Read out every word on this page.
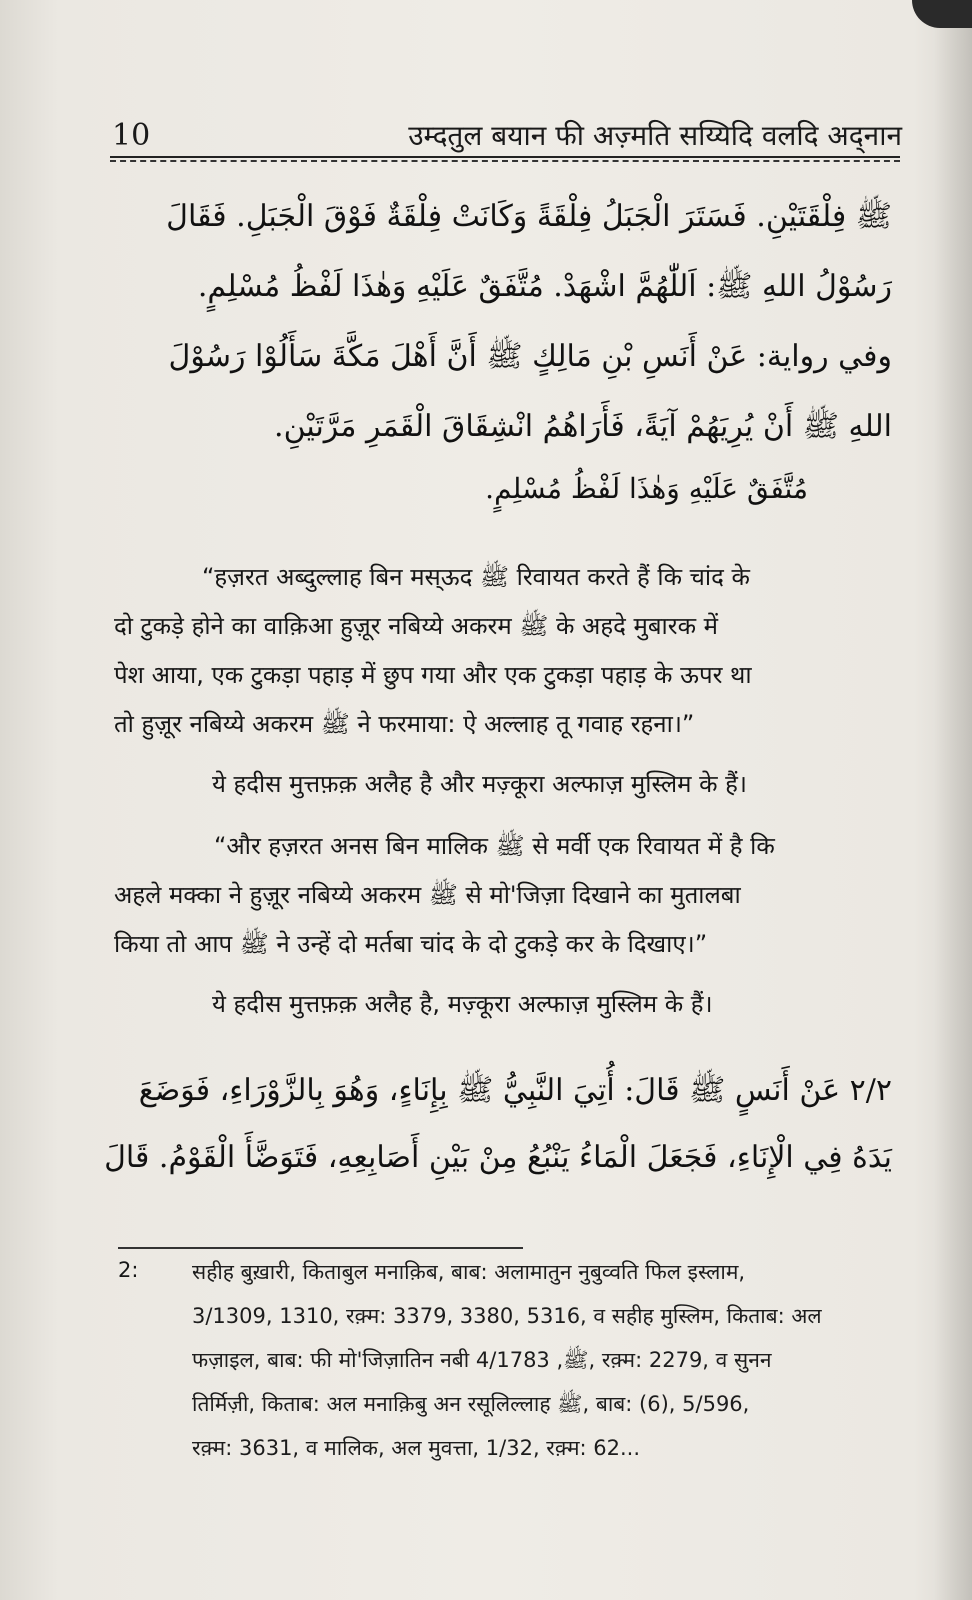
10	उम्दतुल बयान फी अज़्मति सय्यिदि वलदि अद्नान
ﷺ فِلْقَتَيْنِ. فَسَتَرَ الْجَبَلُ فِلْقَةً وَكَانَتْ فِلْقَةٌ فَوْقَ الْجَبَلِ. فَقَالَ
رَسُوْلُ اللهِ ﷺ: اَللّٰهُمَّ اشْهَدْ. مُتَّفَقٌ عَلَيْهِ وَهٰذَا لَفْظُ مُسْلِمٍ.
وفي رواية: عَنْ أَنَسِ بْنِ مَالِكٍ ﷺ أَنَّ أَهْلَ مَكَّةَ سَأَلُوْا رَسُوْلَ
اللهِ ﷺ أَنْ يُرِيَهُمْ آيَةً، فَأَرَاهُمُ انْشِقَاقَ الْقَمَرِ مَرَّتَيْنِ.
مُتَّفَقٌ عَلَيْهِ وَهٰذَا لَفْظُ مُسْلِمٍ.
“हज़रत अब्दुल्लाह बिन मस्ऊद ﷺ रिवायत करते हैं कि चांद के
दो टुकड़े होने का वाक़िआ हुज़ूर नबिय्ये अकरम ﷺ के अहदे मुबारक में
पेश आया, एक टुकड़ा पहाड़ में छुप गया और एक टुकड़ा पहाड़ के ऊपर था
तो हुज़ूर नबिय्ये अकरम ﷺ ने फरमाया: ऐ अल्लाह तू गवाह रहना।”
ये हदीस मुत्तफ़क़ अलैह है और मज़्कूरा अल्फाज़ मुस्लिम के हैं।
“और हज़रत अनस बिन मालिक ﷺ से मर्वी एक रिवायत में है कि
अहले मक्का ने हुज़ूर नबिय्ये अकरम ﷺ से मो'जिज़ा दिखाने का मुतालबा
किया तो आप ﷺ ने उन्हें दो मर्तबा चांद के दो टुकड़े कर के दिखाए।”
ये हदीस मुत्तफ़क़ अलैह है, मज़्कूरा अल्फाज़ मुस्लिम के हैं।
٢/٢ عَنْ أَنَسٍ ﷺ قَالَ: أُتِيَ النَّبِيُّ ﷺ بِإِنَاءٍ، وَهُوَ بِالزَّوْرَاءِ، فَوَضَعَ
يَدَهُ فِي الْإِنَاءِ، فَجَعَلَ الْمَاءُ يَنْبُعُ مِنْ بَيْنِ أَصَابِعِهِ، فَتَوَضَّأَ الْقَوْمُ. قَالَ
2:	सहीह बुख़ारी, किताबुल मनाक़िब, बाब: अलामातुन नुबुव्वति फिल इस्लाम,
3/1309, 1310, रक़्म: 3379, 3380, 5316, व सहीह मुस्लिम, किताब: अल
फज़ाइल, बाब: फी मो'जिज़ातिन नबी ﷺ, 4/1783, रक़्म: 2279, व सुनन
तिर्मिज़ी, किताब: अल मनाक़िबु अन रसूलिल्लाह ﷺ, बाब: (6), 5/596,
रक़्म: 3631, व मालिक, अल मुवत्ता, 1/32, रक़्म: 62...
